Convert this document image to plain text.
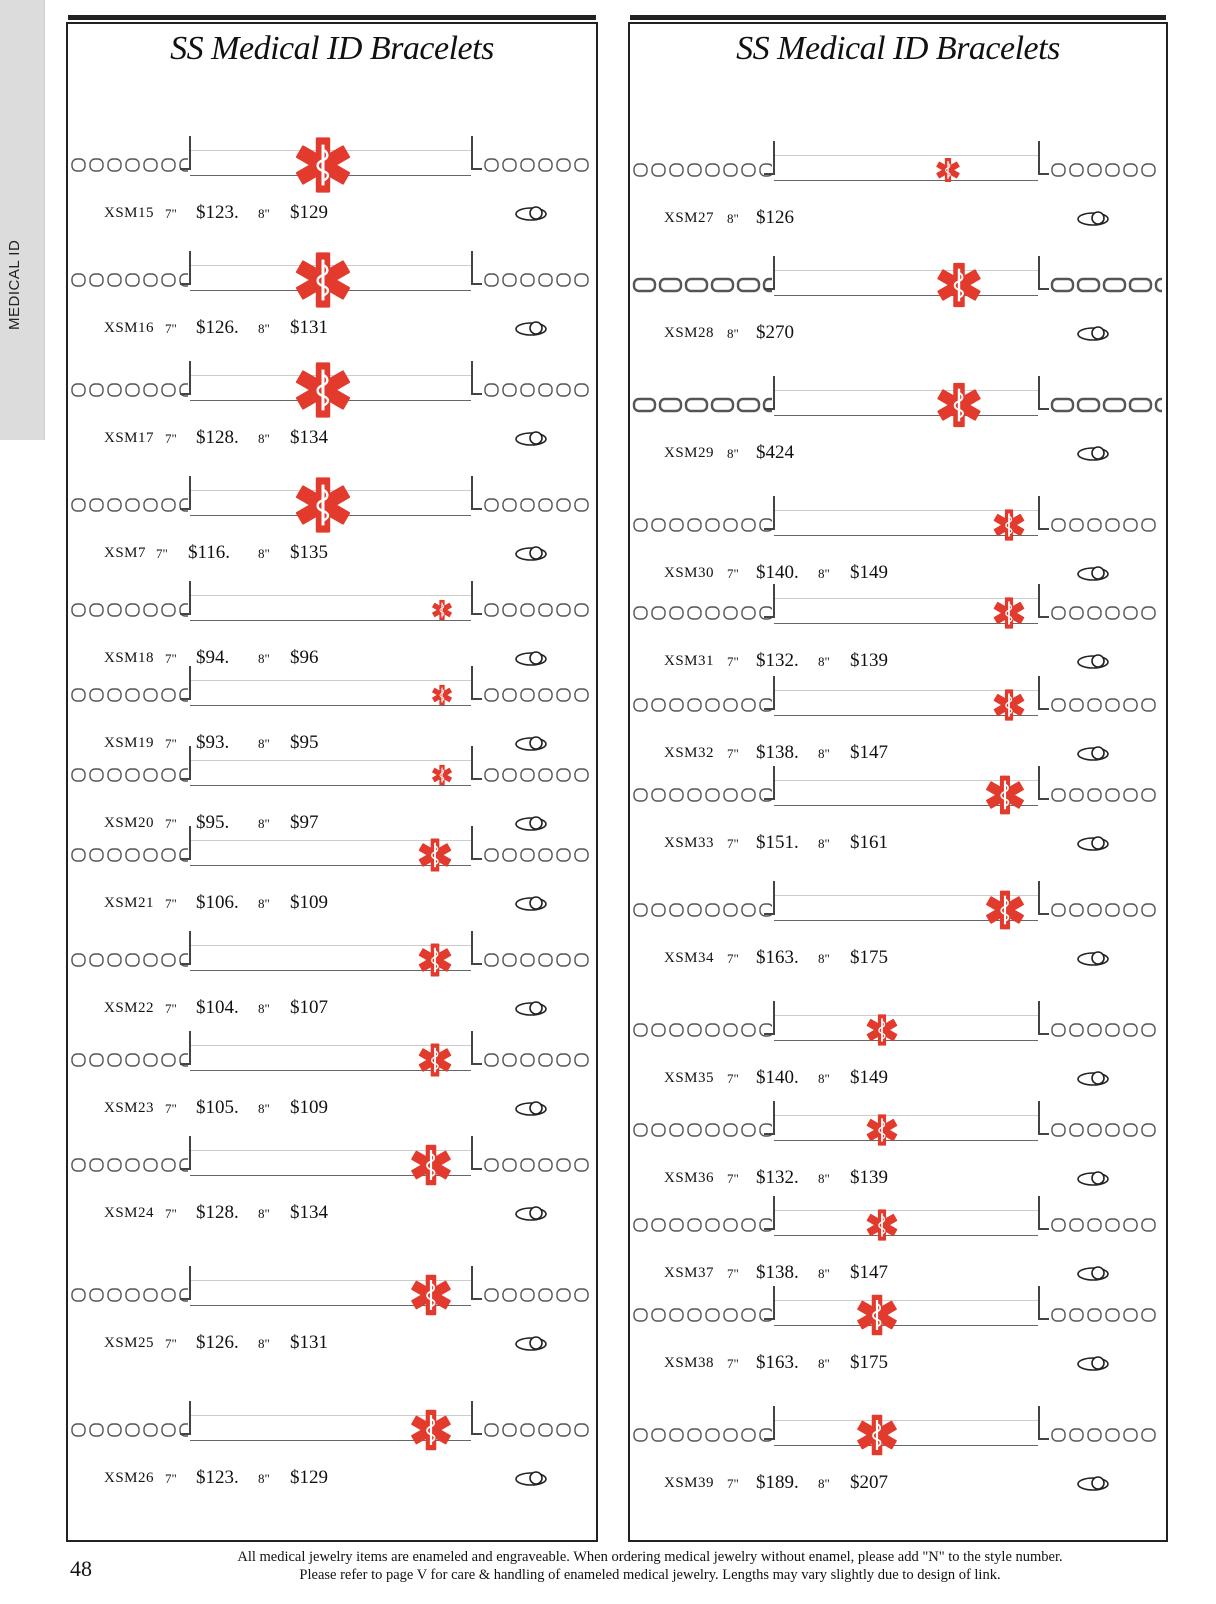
MEDICAL ID
SS Medical ID Bracelets
XSM15 7" $123. 8" $129
XSM16 7" $126. 8" $131
XSM17 7" $128. 8" $134
XSM7 7" $116. 8" $135
XSM18 7" $94. 8" $96
XSM19 7" $93. 8" $95
XSM20 7" $95. 8" $97
XSM21 7" $106. 8" $109
XSM22 7" $104. 8" $107
XSM23 7" $105. 8" $109
XSM24 7" $128. 8" $134
XSM25 7" $126. 8" $131
XSM26 7" $123. 8" $129
SS Medical ID Bracelets
XSM27 8" $126
XSM28 8" $270
XSM29 8" $424
XSM30 7" $140. 8" $149
XSM31 7" $132. 8" $139
XSM32 7" $138. 8" $147
XSM33 7" $151. 8" $161
XSM34 7" $163. 8" $175
XSM35 7" $140. 8" $149
XSM36 7" $132. 8" $139
XSM37 7" $138. 8" $147
XSM38 7" $163. 8" $175
XSM39 7" $189. 8" $207
48	All medical jewelry items are enameled and engraveable. When ordering medical jewelry without enamel, please add "N" to the style number.
Please refer to page V for care & handling of enameled medical jewelry. Lengths may vary slightly due to design of link.
